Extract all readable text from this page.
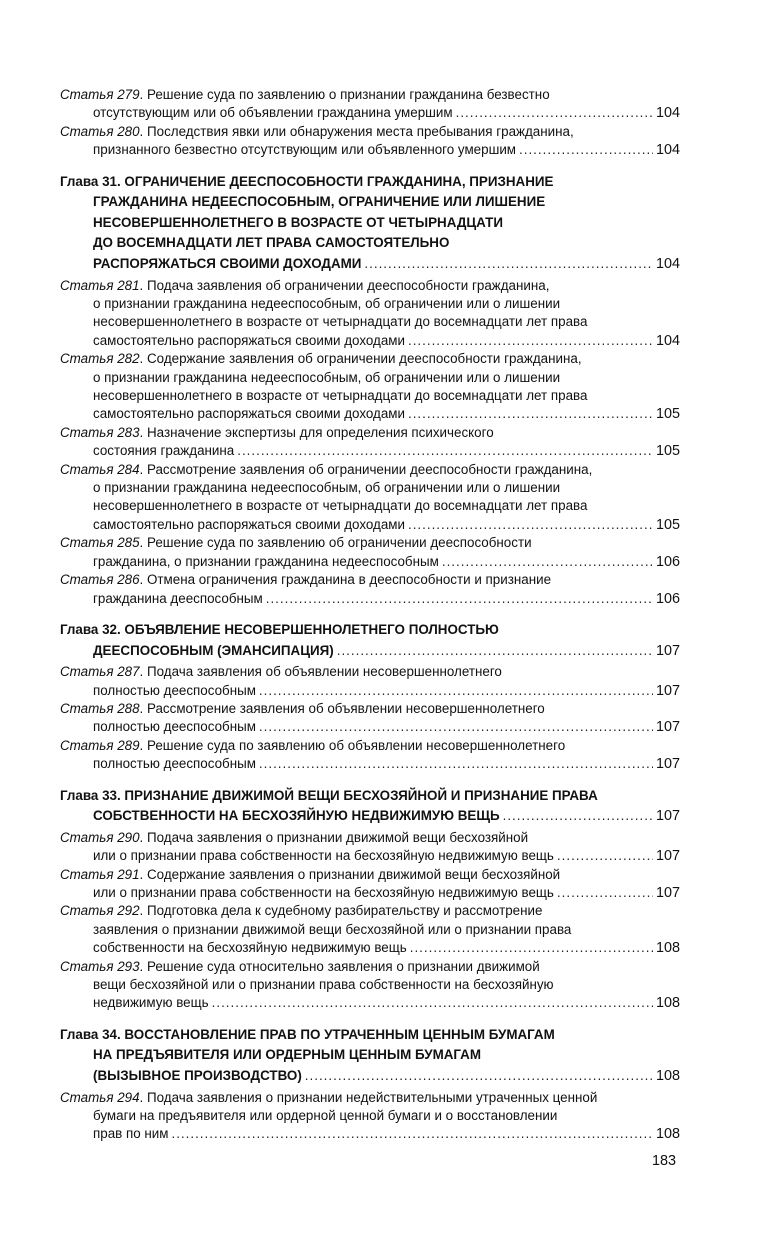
Статья 279. Решение суда по заявлению о признании гражданина безвестно
отсутствующим или об объявлении гражданина умершим .....	104
Статья 280. Последствия явки или обнаружения места пребывания гражданина,
признанного безвестно отсутствующим или объявленного умершим .....	104
Глава 31. ОГРАНИЧЕНИЕ ДЕЕСПОСОБНОСТИ ГРАЖДАНИНА, ПРИЗНАНИЕ
ГРАЖДАНИНА НЕДЕЕСПОСОБНЫМ, ОГРАНИЧЕНИЕ ИЛИ ЛИШЕНИЕ
НЕСОВЕРШЕННОЛЕТНЕГО В ВОЗРАСТЕ ОТ ЧЕТЫРНАДЦАТИ
ДО ВОСЕМНАДЦАТИ ЛЕТ ПРАВА САМОСТОЯТЕЛЬНО
РАСПОРЯЖАТЬСЯ СВОИМИ ДОХОДАМИ .....	104
Статья 281. Подача заявления об ограничении дееспособности гражданина,
о признании гражданина недееспособным, об ограничении или о лишении
несовершеннолетнего в возрасте от четырнадцати до восемнадцати лет права
самостоятельно распоряжаться своими доходами .....	104
Статья 282. Содержание заявления об ограничении дееспособности гражданина,
о признании гражданина недееспособным, об ограничении или о лишении
несовершеннолетнего в возрасте от четырнадцати до восемнадцати лет права
самостоятельно распоряжаться своими доходами .....	105
Статья 283. Назначение экспертизы для определения психического
состояния гражданина .....	105
Статья 284. Рассмотрение заявления об ограничении дееспособности гражданина,
о признании гражданина недееспособным, об ограничении или о лишении
несовершеннолетнего в возрасте от четырнадцати до восемнадцати лет права
самостоятельно распоряжаться своими доходами .....	105
Статья 285. Решение суда по заявлению об ограничении дееспособности
гражданина, о признании гражданина недееспособным .....	106
Статья 286. Отмена ограничения гражданина в дееспособности и признание
гражданина дееспособным .....	106
Глава 32. ОБЪЯВЛЕНИЕ НЕСОВЕРШЕННОЛЕТНЕГО ПОЛНОСТЬЮ
ДЕЕСПОСОБНЫМ (ЭМАНСИПАЦИЯ) .....	107
Статья 287. Подача заявления об объявлении несовершеннолетнего
полностью дееспособным .....	107
Статья 288. Рассмотрение заявления об объявлении несовершеннолетнего
полностью дееспособным .....	107
Статья 289. Решение суда по заявлению об объявлении несовершеннолетнего
полностью дееспособным .....	107
Глава 33. ПРИЗНАНИЕ ДВИЖИМОЙ ВЕЩИ БЕСХОЗЯЙНОЙ И ПРИЗНАНИЕ ПРАВА
СОБСТВЕННОСТИ НА БЕСХОЗЯЙНУЮ НЕДВИЖИМУЮ ВЕЩЬ .....	107
Статья 290. Подача заявления о признании движимой вещи бесхозяйной
или о признании права собственности на бесхозяйную недвижимую вещь .....	107
Статья 291. Содержание заявления о признании движимой вещи бесхозяйной
или о признании права собственности на бесхозяйную недвижимую вещь .....	107
Статья 292. Подготовка дела к судебному разбирательству и рассмотрение
заявления о признании движимой вещи бесхозяйной или о признании права
собственности на бесхозяйную недвижимую вещь .....	108
Статья 293. Решение суда относительно заявления о признании движимой
вещи бесхозяйной или о признании права собственности на бесхозяйную
недвижимую вещь .....	108
Глава 34. ВОССТАНОВЛЕНИЕ ПРАВ ПО УТРАЧЕННЫМ ЦЕННЫМ БУМАГАМ
НА ПРЕДЪЯВИТЕЛЯ ИЛИ ОРДЕРНЫМ ЦЕННЫМ БУМАГАМ
(ВЫЗЫВНОЕ ПРОИЗВОДСТВО) .....	108
Статья 294. Подача заявления о признании недействительными утраченных ценной
бумаги на предъявителя или ордерной ценной бумаги и о восстановлении
прав по ним .....	108
183
